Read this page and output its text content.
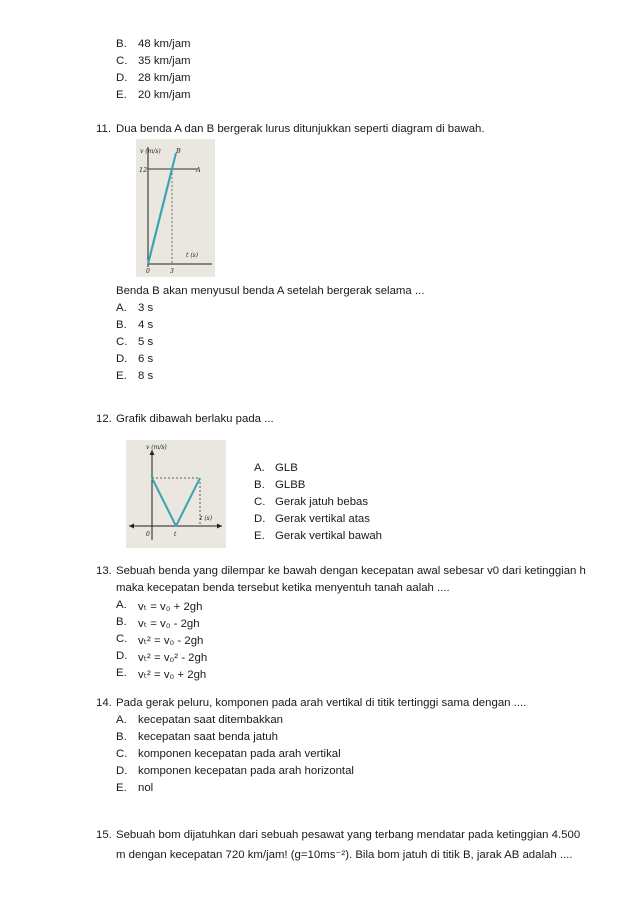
B. 48 km/jam
C. 35 km/jam
D. 28 km/jam
E. 20 km/jam
11. Dua benda A dan B bergerak lurus ditunjukkan seperti diagram di bawah.
v (m/s) B
12	A
t (s)
0	3
Benda B akan menyusul benda A setelah bergerak selama ...
A. 3 s
B. 4 s
C. 5 s
D. 6 s
E. 8 s
12. Grafik dibawah berlaku pada ...
v (m/s)
t (s)
0	t
A. GLB
B. GLBB
C. Gerak jatuh bebas
D. Gerak vertikal atas
E. Gerak vertikal bawah
13. Sebuah benda yang dilempar ke bawah dengan kecepatan awal sebesar v0 dari ketinggian h
maka kecepatan benda tersebut ketika menyentuh tanah aalah ....
A. vₜ = v₀ + 2gh
B. vₜ = v₀ - 2gh
C. vₜ² = v₀ - 2gh
D. vₜ² = v₀² - 2gh
E. vₜ² = v₀ + 2gh
14. Pada gerak peluru, komponen pada arah vertikal di titik tertinggi sama dengan ....
A. kecepatan saat ditembakkan
B. kecepatan saat benda jatuh
C. komponen kecepatan pada arah vertikal
D. komponen kecepatan pada arah horizontal
E. nol
15. Sebuah bom dijatuhkan dari sebuah pesawat yang terbang mendatar pada ketinggian 4.500
m dengan kecepatan 720 km/jam! (g=10ms⁻²). Bila bom jatuh di titik B, jarak AB adalah ....
